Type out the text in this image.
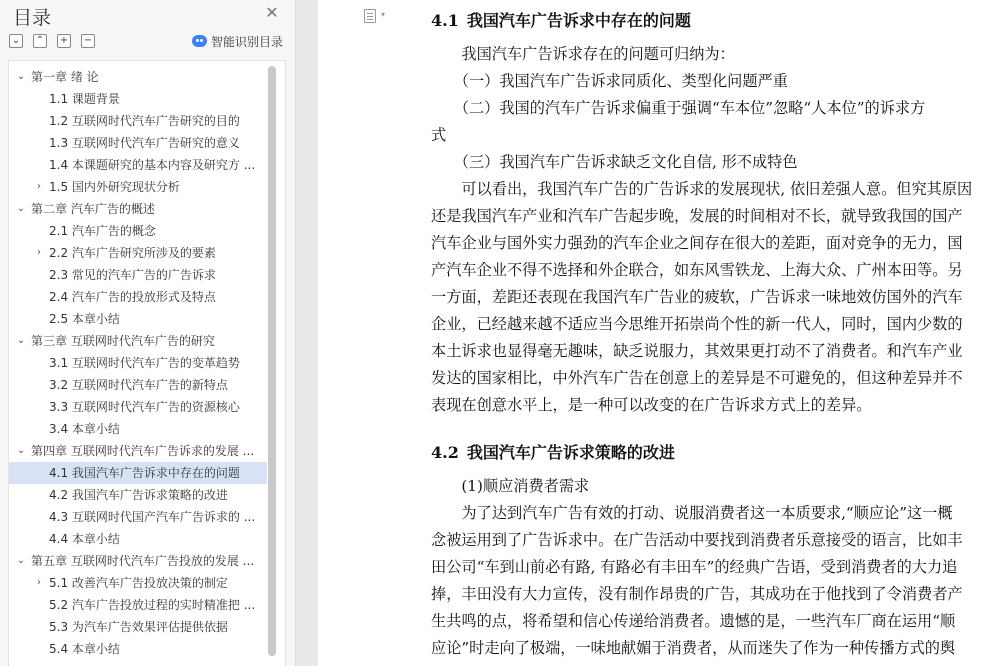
目录	✕
⌄ ⌃ + −	智能识别目录
⌄ 第一章 绪 论
1.1 课题背景
1.2 互联网时代汽车广告研究的目的
1.3 互联网时代汽车广告研究的意义
1.4 本课题研究的基本内容及研究方 ...
› 1.5 国内外研究现状分析
⌄ 第二章 汽车广告的概述
2.1 汽车广告的概念
› 2.2 汽车广告研究所涉及的要素
2.3 常见的汽车广告的广告诉求
2.4 汽车广告的投放形式及特点
2.5 本章小结
⌄ 第三章 互联网时代汽车广告的研究
3.1 互联网时代汽车广告的变革趋势
3.2 互联网时代汽车广告的新特点
3.3 互联网时代汽车广告的资源核心
3.4 本章小结
⌄ 第四章 互联网时代汽车广告诉求的发展 ...
4.1 我国汽车广告诉求中存在的问题
4.2 我国汽车广告诉求策略的改进
4.3 互联网时代国产汽车广告诉求的 ...
4.4 本章小结
⌄ 第五章 互联网时代汽车广告投放的发展 ...
› 5.1 改善汽车广告投放决策的制定
5.2 汽车广告投放过程的实时精准把 ...
5.3 为汽车广告效果评估提供依据
5.4 本章小结
▾	4.1 我国汽车广告诉求中存在的问题
　　我国汽车广告诉求存在的问题可归纳为：
　　（一）我国汽车广告诉求同质化、类型化问题严重
　　（二）我国的汽车广告诉求偏重于强调“车本位”忽略“人本位”的诉求方
式
　　（三）我国汽车广告诉求缺乏文化自信, 形不成特色
　　可以看出，我国汽车广告的广告诉求的发展现状, 依旧差强人意。但究其原因
还是我国汽车产业和汽车广告起步晚，发展的时间相对不长，就导致我国的国产
汽车企业与国外实力强劲的汽车企业之间存在很大的差距，面对竞争的无力，国
产汽车企业不得不选择和外企联合，如东风雪铁龙、上海大众、广州本田等。另
一方面，差距还表现在我国汽车广告业的疲软，广告诉求一味地效仿国外的汽车
企业，已经越来越不适应当今思维开拓崇尚个性的新一代人，同时，国内少数的
本土诉求也显得毫无趣味，缺乏说服力，其效果更打动不了消费者。和汽车产业
发达的国家相比，中外汽车广告在创意上的差异是不可避免的，但这种差异并不
表现在创意水平上，是一种可以改变的在广告诉求方式上的差异。
4.2 我国汽车广告诉求策略的改进
　　(1)顺应消费者需求
　　为了达到汽车广告有效的打动、说服消费者这一本质要求,“顺应论”这一概
念被运用到了广告诉求中。在广告活动中要找到消费者乐意接受的语言，比如丰
田公司“车到山前必有路, 有路必有丰田车”的经典广告语，受到消费者的大力追
捧，丰田没有大力宣传，没有制作昂贵的广告，其成功在于他找到了令消费者产
生共鸣的点，将希望和信心传递给消费者。遗憾的是，一些汽车厂商在运用“顺
应论”时走向了极端，一味地献媚于消费者，从而迷失了作为一种传播方式的舆
